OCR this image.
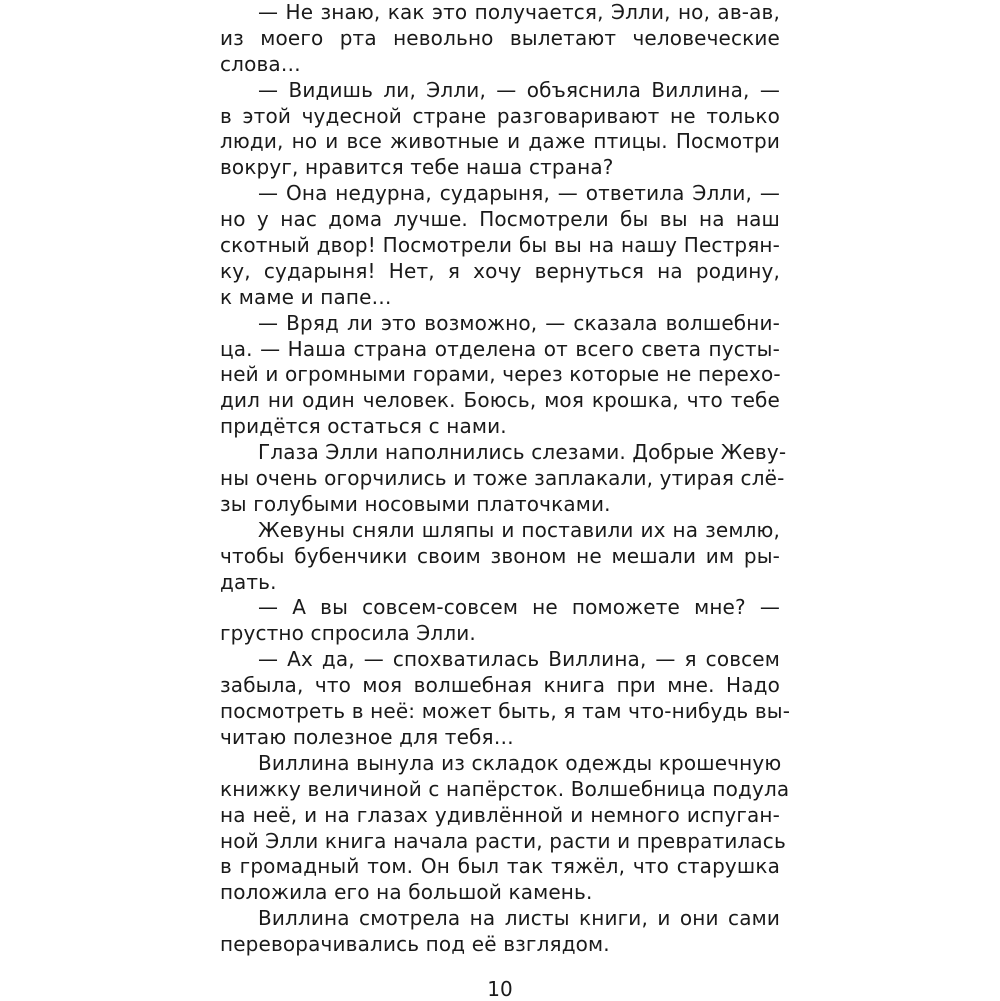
— Не знаю, как это получается, Элли, но, ав-ав,
из моего рта невольно вылетают человеческие
слова…
— Видишь ли, Элли, — объяснила Виллина, —
в этой чудесной стране разговаривают не только
люди, но и все животные и даже птицы. Посмотри
вокруг, нравится тебе наша страна?
— Она недурна, сударыня, — ответила Элли, —
но у нас дома лучше. Посмотрели бы вы на наш
скотный двор! Посмотрели бы вы на нашу Пестрян-
ку, сударыня! Нет, я хочу вернуться на родину,
к маме и папе…
— Вряд ли это возможно, — сказала волшебни-
ца. — Наша страна отделена от всего света пусты-
ней и огромными горами, через которые не перехо-
дил ни один человек. Боюсь, моя крошка, что тебе
придётся остаться с нами.
Глаза Элли наполнились слезами. Добрые Жеву-
ны очень огорчились и тоже заплакали, утирая слё-
зы голубыми носовыми платочками.
Жевуны сняли шляпы и поставили их на землю,
чтобы бубенчики своим звоном не мешали им ры-
дать.
— А вы совсем-совсем не поможете мне? —
грустно спросила Элли.
— Ах да, — спохватилась Виллина, — я совсем
забыла, что моя волшебная книга при мне. Надо
посмотреть в неё: может быть, я там что-нибудь вы-
читаю полезное для тебя…
Виллина вынула из складок одежды крошечную
книжку величиной с напёрсток. Волшебница подула
на неё, и на глазах удивлённой и немного испуган-
ной Элли книга начала расти, расти и превратилась
в громадный том. Он был так тяжёл, что старушка
положила его на большой камень.
Виллина смотрела на листы книги, и они сами
переворачивались под её взглядом.
10
